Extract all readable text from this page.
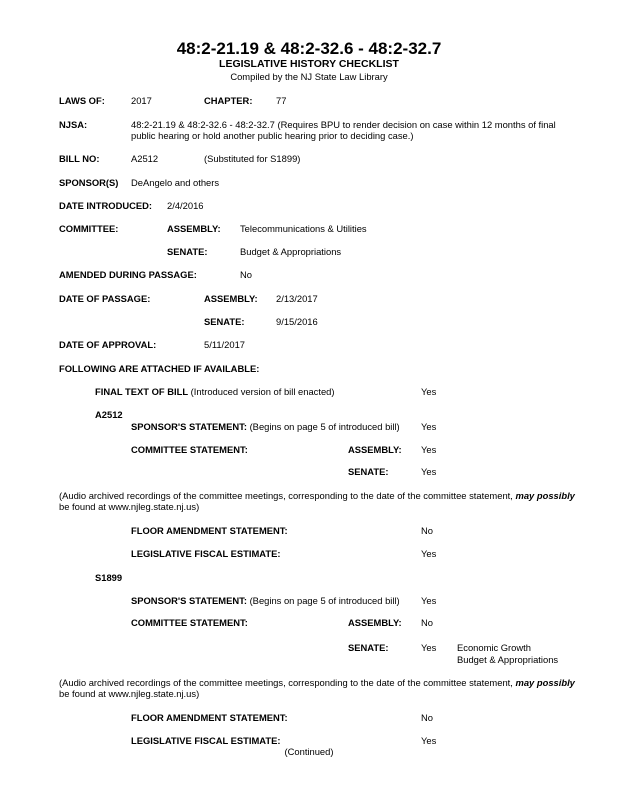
48:2-21.19 & 48:2-32.6 - 48:2-32.7
LEGISLATIVE HISTORY CHECKLIST
Compiled by the NJ State Law Library
LAWS OF:	2017	CHAPTER:	77
NJSA:	48:2-21.19 & 48:2-32.6 - 48:2-32.7 (Requires BPU to render decision on case within 12 months of final
public hearing or hold another public hearing prior to deciding case.)
BILL NO:	A2512	(Substituted for S1899)
SPONSOR(S) DeAngelo and others
DATE INTRODUCED: 2/4/2016
COMMITTEE:	ASSEMBLY: Telecommunications & Utilities
SENATE:	Budget & Appropriations
AMENDED DURING PASSAGE:	No
DATE OF PASSAGE:	ASSEMBLY: 2/13/2017
SENATE:	9/15/2016
DATE OF APPROVAL:	5/11/2017
FOLLOWING ARE ATTACHED IF AVAILABLE:
FINAL TEXT OF BILL (Introduced version of bill enacted)	Yes
A2512
SPONSOR'S STATEMENT: (Begins on page 5 of introduced bill) Yes
COMMITTEE STATEMENT:	ASSEMBLY: Yes
SENATE:	Yes
(Audio archived recordings of the committee meetings, corresponding to the date of the committee statement, may possibly
be found at www.njleg.state.nj.us)
FLOOR AMENDMENT STATEMENT:	No
LEGISLATIVE FISCAL ESTIMATE:	Yes
S1899
SPONSOR'S STATEMENT: (Begins on page 5 of introduced bill) Yes
COMMITTEE STATEMENT:	ASSEMBLY: No
SENATE:	Yes Economic Growth
Budget & Appropriations
(Audio archived recordings of the committee meetings, corresponding to the date of the committee statement, may possibly
be found at www.njleg.state.nj.us)
FLOOR AMENDMENT STATEMENT:	No
LEGISLATIVE FISCAL ESTIMATE:	Yes
(Continued)
